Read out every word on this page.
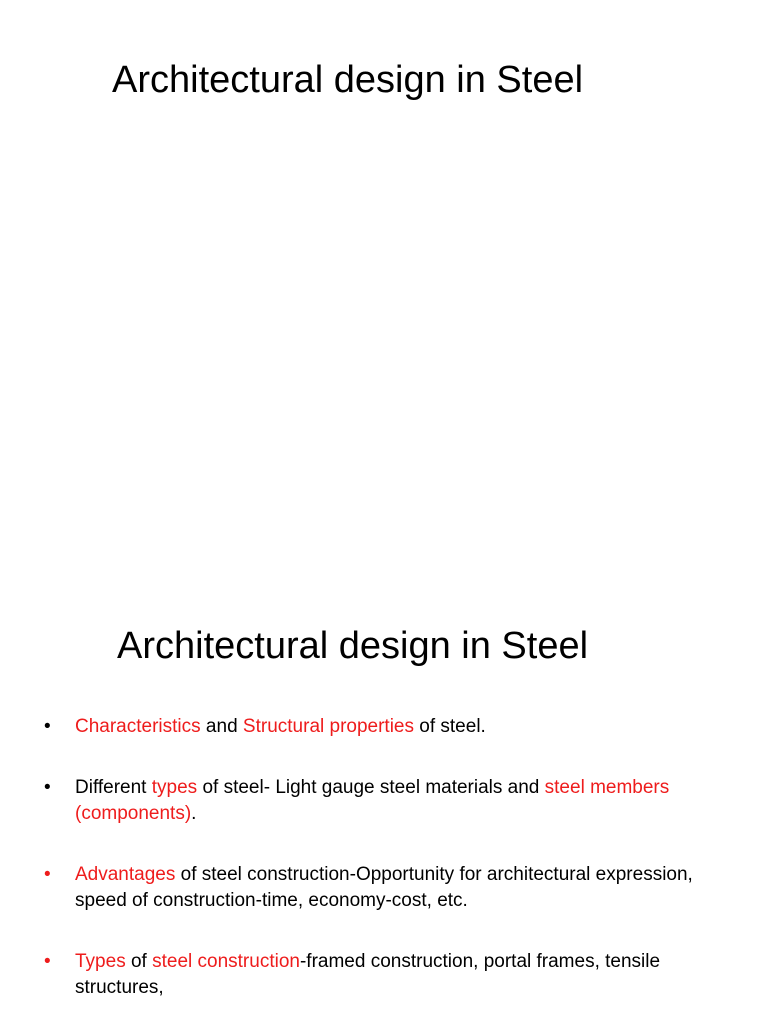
Architectural design in Steel
Architectural design in Steel
•	Characteristics and Structural properties of steel.
•	Different types of steel- Light gauge steel materials and steel members (components).
•	Advantages of steel construction-Opportunity for architectural expression, speed of construction-time, economy-cost, etc.
•	Types of steel construction-framed construction, portal frames, tensile structures,
